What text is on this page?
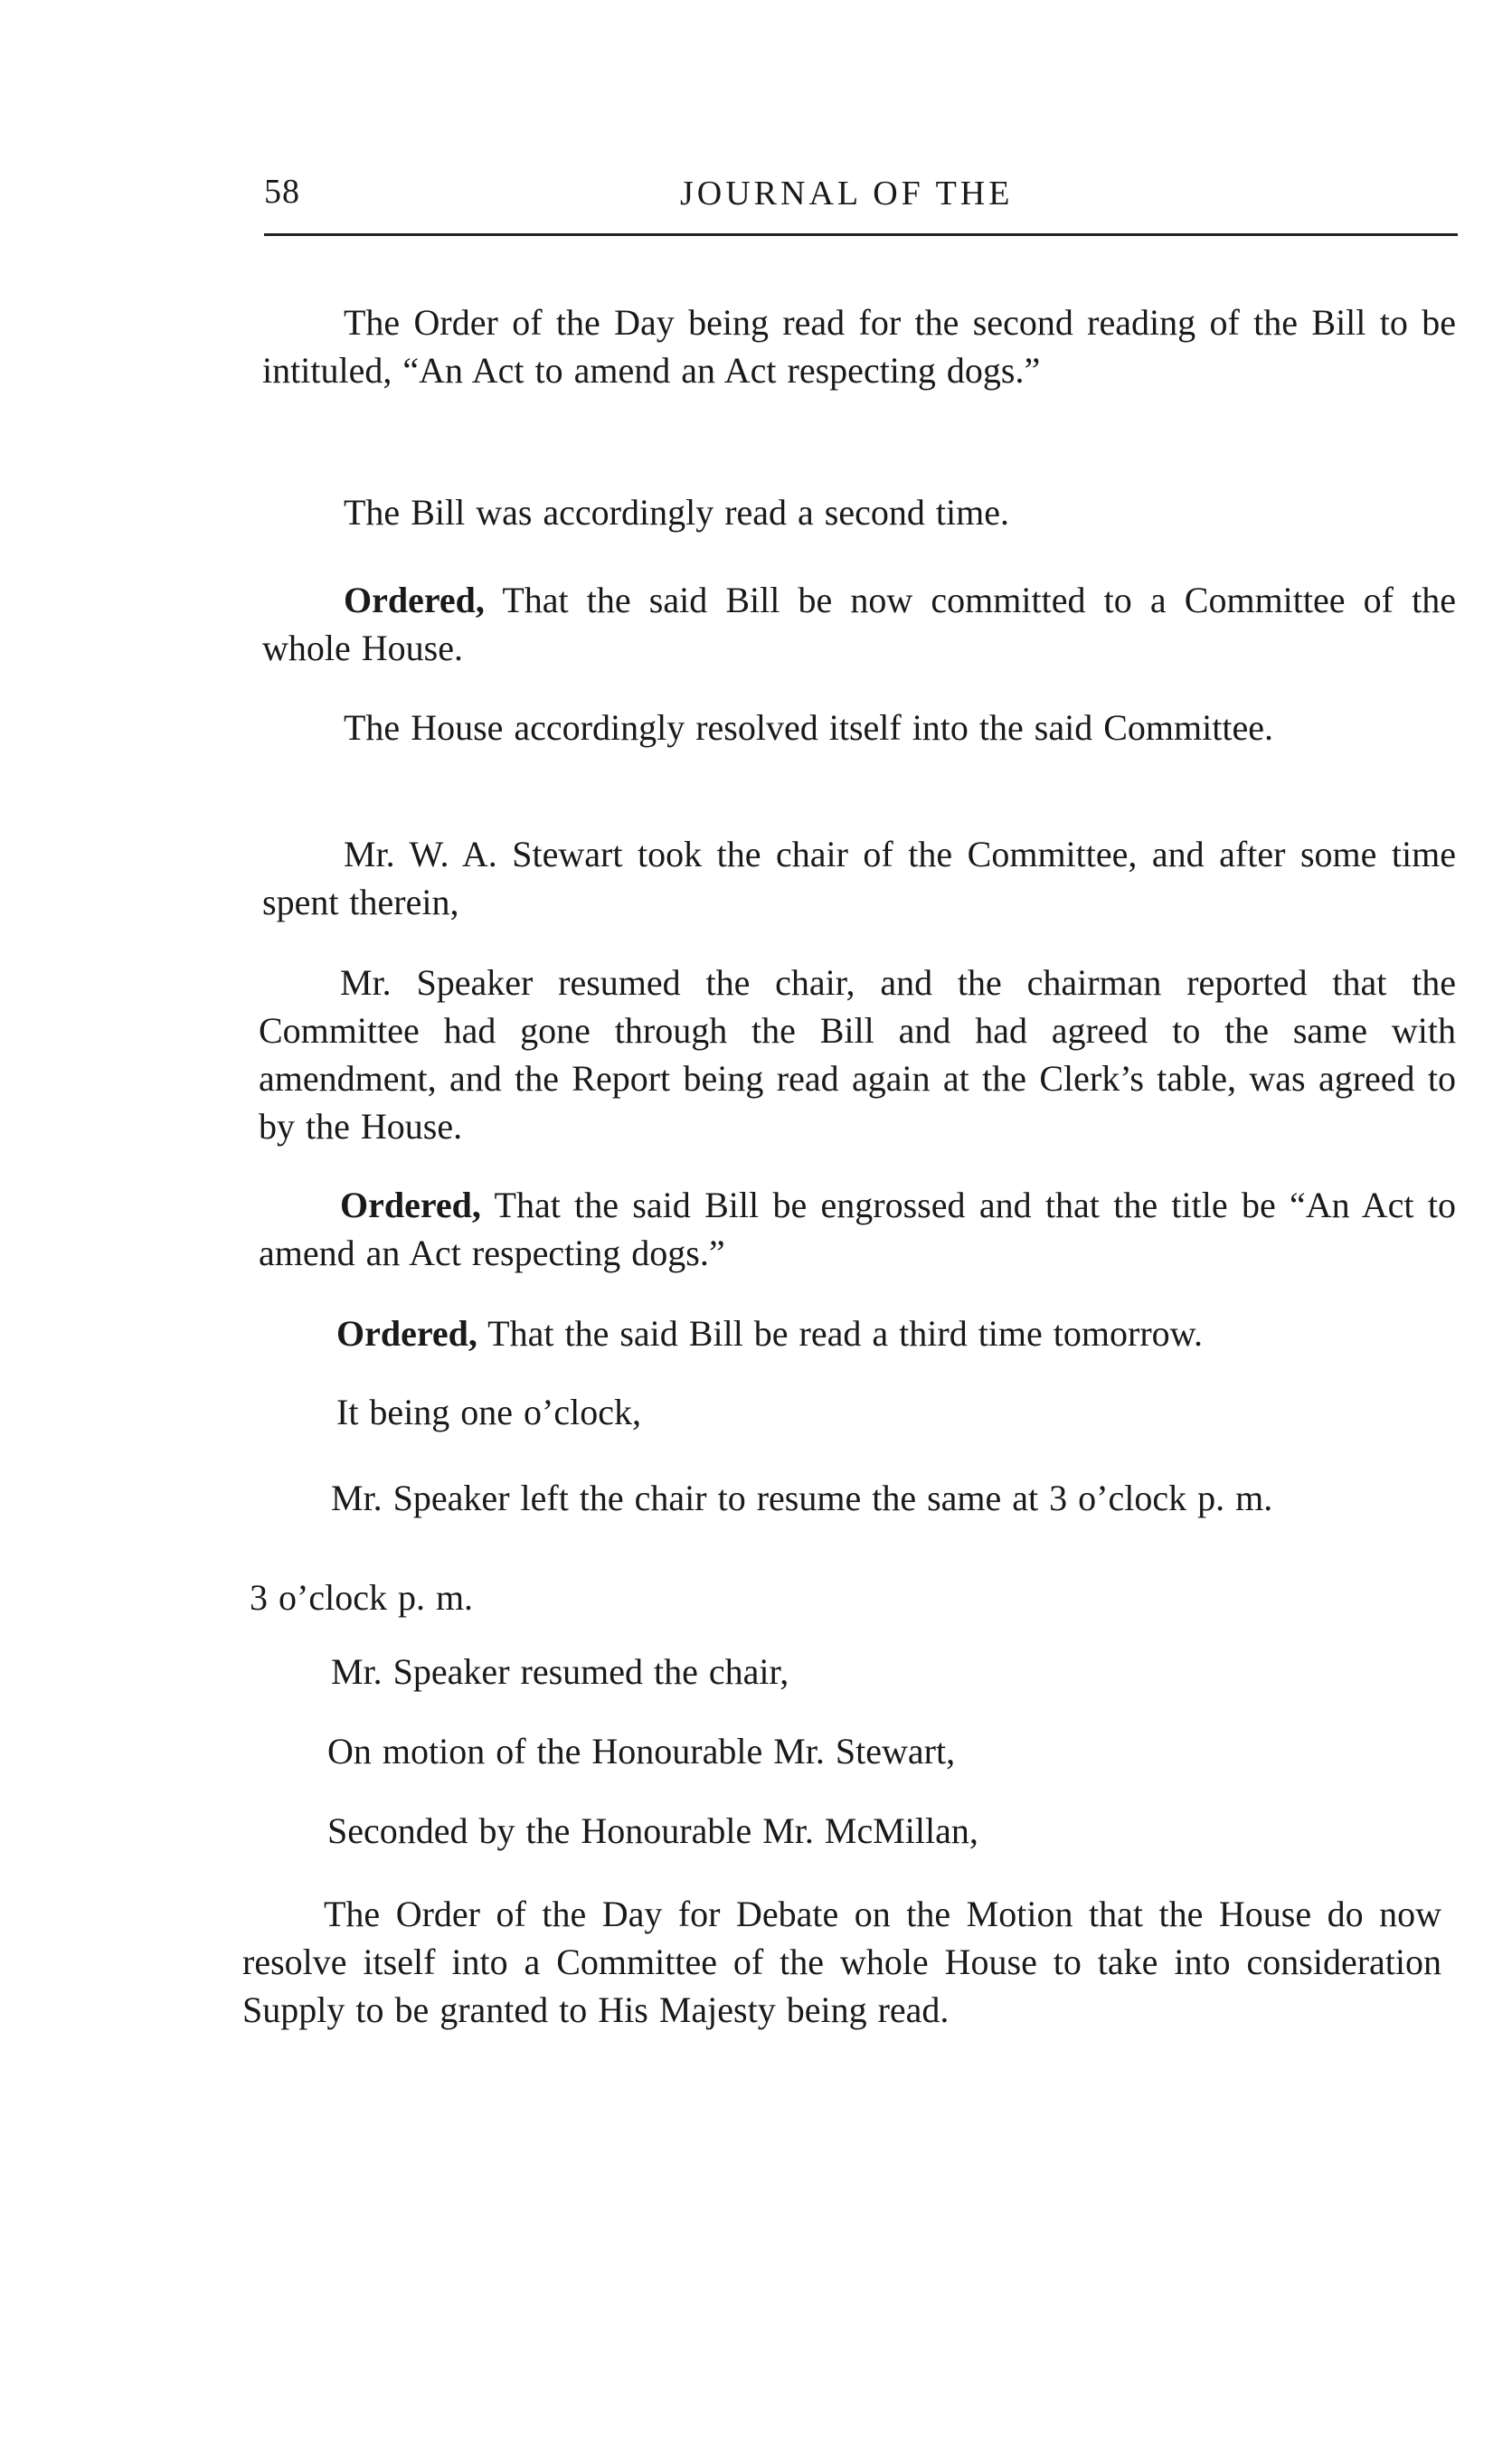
58	JOURNAL OF THE
The Order of the Day being read for the second reading of the Bill to be intituled, “An Act to amend an Act respecting dogs.”
The Bill was accordingly read a second time.
Ordered, That the said Bill be now committed to a Committee of the whole House.
The House accordingly resolved itself into the said Committee.
Mr. W. A. Stewart took the chair of the Committee, and after some time spent therein,
Mr. Speaker resumed the chair, and the chairman reported that the Committee had gone through the Bill and had agreed to the same with amendment, and the Report being read again at the Clerk’s table, was agreed to by the House.
Ordered, That the said Bill be engrossed and that the title be “An Act to amend an Act respecting dogs.”
Ordered, That the said Bill be read a third time tomorrow.
It being one o’clock,
Mr. Speaker left the chair to resume the same at 3 o’clock p. m.
3 o’clock p. m.
Mr. Speaker resumed the chair,
On motion of the Honourable Mr. Stewart,
Seconded by the Honourable Mr. McMillan,
The Order of the Day for Debate on the Motion that the House do now resolve itself into a Committee of the whole House to take into consideration Supply to be granted to His Majesty being read.
